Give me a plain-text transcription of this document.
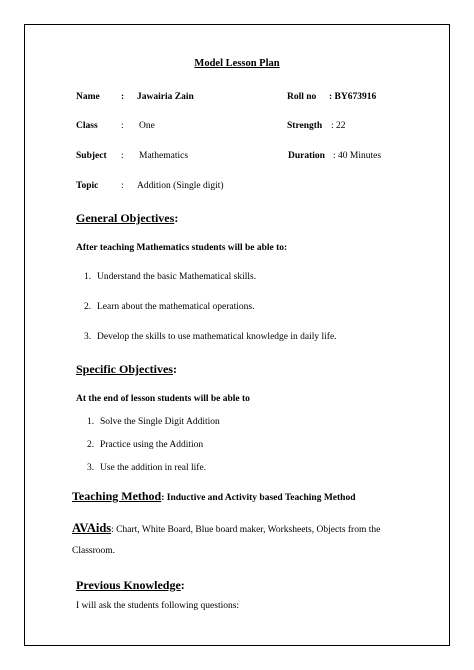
Model Lesson Plan
Name : Jawairia Zain	Roll no : BY673916
Class : One	Strength : 22
Subject : Mathematics	Duration : 40 Minutes
Topic : Addition (Single digit)
General Objectives:
After teaching Mathematics students will be able to:
1. Understand the basic Mathematical skills.
2. Learn about the mathematical operations.
3. Develop the skills to use mathematical knowledge in daily life.
Specific Objectives:
At the end of lesson students will be able to
1. Solve the Single Digit Addition
2. Practice using the Addition
3. Use the addition in real life.
Teaching Method: Inductive and Activity based Teaching Method
AVAids: Chart, White Board, Blue board maker, Worksheets, Objects from the
Classroom.
Previous Knowledge:
I will ask the students following questions:
